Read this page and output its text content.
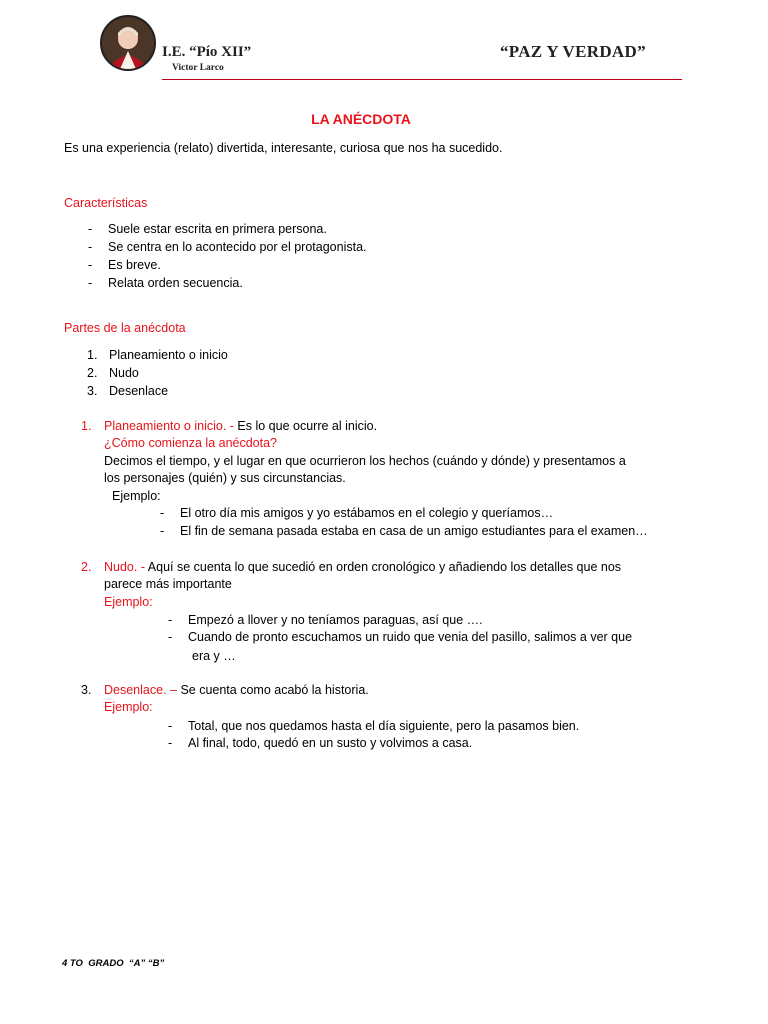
I.E. “Pío XII”
Victor Larco
“PAZ Y VERDAD”
LA ANÉCDOTA
Es una experiencia (relato) divertida, interesante, curiosa que nos ha sucedido.
Características
- Suele estar escrita en primera persona.
- Se centra en lo acontecido por el protagonista.
- Es breve.
- Relata orden secuencia.
Partes de la anécdota
1. Planeamiento o inicio
2. Nudo
3. Desenlace
1. Planeamiento o inicio. - Es lo que ocurre al inicio.
¿Cómo comienza la anécdota?
Decimos el tiempo, y el lugar en que ocurrieron los hechos (cuándo y dónde) y presentamos a
los personajes (quién) y sus circunstancias.
Ejemplo:
- El otro día mis amigos y yo estábamos en el colegio y queríamos…
- El fin de semana pasada estaba en casa de un amigo estudiantes para el examen…
2. Nudo. - Aquí se cuenta lo que sucedió en orden cronológico y añadiendo los detalles que nos
parece más importante
Ejemplo:
- Empezó a llover y no teníamos paraguas, así que ….
- Cuando de pronto escuchamos un ruido que venia del pasillo, salimos a ver que
era y …
3. Desenlace. – Se cuenta como acabó la historia.
Ejemplo:
- Total, que nos quedamos hasta el día siguiente, pero la pasamos bien.
- Al final, todo, quedó en un susto y volvimos a casa.
4 TO  GRADO  “A” “B”
